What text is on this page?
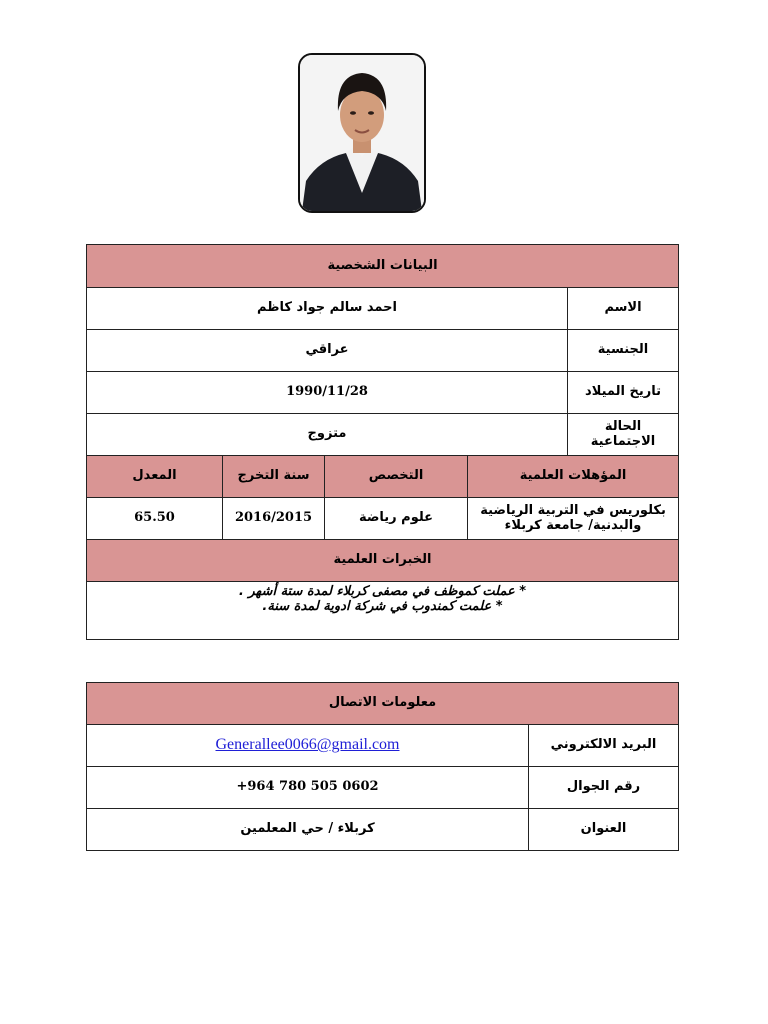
البيانات الشخصية				
الاسم	احمد سالم جواد كاظم			
الجنسية	عراقي			
تاريخ الميلاد	1990/11/28			
الحالة الاجتماعية	متزوج			
المؤهلات العلمية		التخصص	سنة التخرج	المعدل
بكلوريس في التربية الرياضية والبدنية/ جامعة كربلاء		علوم رياضة	2016/2015	65.50
الخبرات العلمية				

* عملت كموظف في مصفى كربلاء لمدة ستة أشهر .
* علمت كمندوب في شركة ادوية لمدة سنة.				
معلومات الاتصال	
البريد الالكتروني	Generallee0066@gmail.com
رقم الجوال	+964 780 505 0602
العنوان	كربلاء / حي المعلمين
